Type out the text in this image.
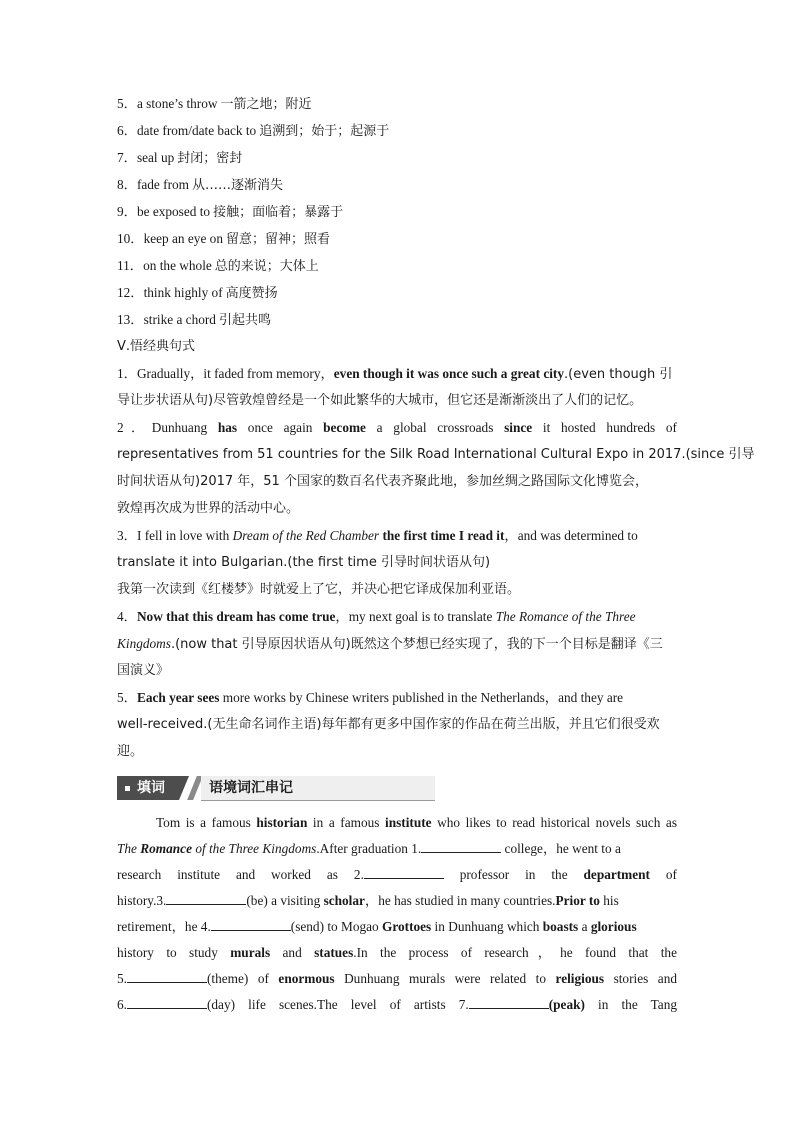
5．a stone’s throw 一箭之地；附近
6．date from/date back to 追溯到；始于；起源于
7．seal up 封闭；密封
8．fade from 从……逐渐消失
9．be exposed to 接触；面临着；暴露于
10．keep an eye on 留意；留神；照看
11．on the whole 总的来说；大体上
12．think highly of 高度赞扬
13．strike a chord 引起共鸣
Ⅴ.悟经典句式
1．Gradually，it faded from memory，even though it was once such a great city.(even though 引
导让步状语从句)尽管敦煌曾经是一个如此繁华的大城市，但它还是渐渐淡出了人们的记忆。
2．Dunhuang has once again become a global crossroads since it hosted hundreds of
representatives from 51 countries for the Silk Road International Cultural Expo in 2017.(since 引导
时间状语从句)2017 年，51 个国家的数百名代表齐聚此地，参加丝绸之路国际文化博览会，
敦煌再次成为世界的活动中心。
3．I fell in love with Dream of the Red Chamber the first time I read it，and was determined to
translate it into Bulgarian.(the first time 引导时间状语从句)
我第一次读到《红楼梦》时就爱上了它，并决心把它译成保加利亚语。
4．Now that this dream has come true，my next goal is to translate The Romance of the Three
Kingdoms.(now that 引导原因状语从句)既然这个梦想已经实现了，我的下一个目标是翻译《三
国演义》
5．Each year sees more works by Chinese writers published in the Netherlands，and they are
well-received.(无生命名词作主语)每年都有更多中国作家的作品在荷兰出版，并且它们很受欢
迎。
填词	语境词汇串记
Tom is a famous historian in a famous institute who likes to read historical novels such as
The Romance of the Three Kingdoms.After graduation 1.	college，he went to a
research institute and worked as 2.	professor in the department of
history.3.	(be) a visiting scholar，he has studied in many countries.Prior to his
retirement，he 4.	(send) to Mogao Grottoes in Dunhuang which boasts a glorious
history to study murals and statues.In the process of research，he found that the
5.	(theme) of enormous Dunhuang murals were related to religious stories and
6.	(day) life scenes.The level of artists 7.	(peak) in the Tang
